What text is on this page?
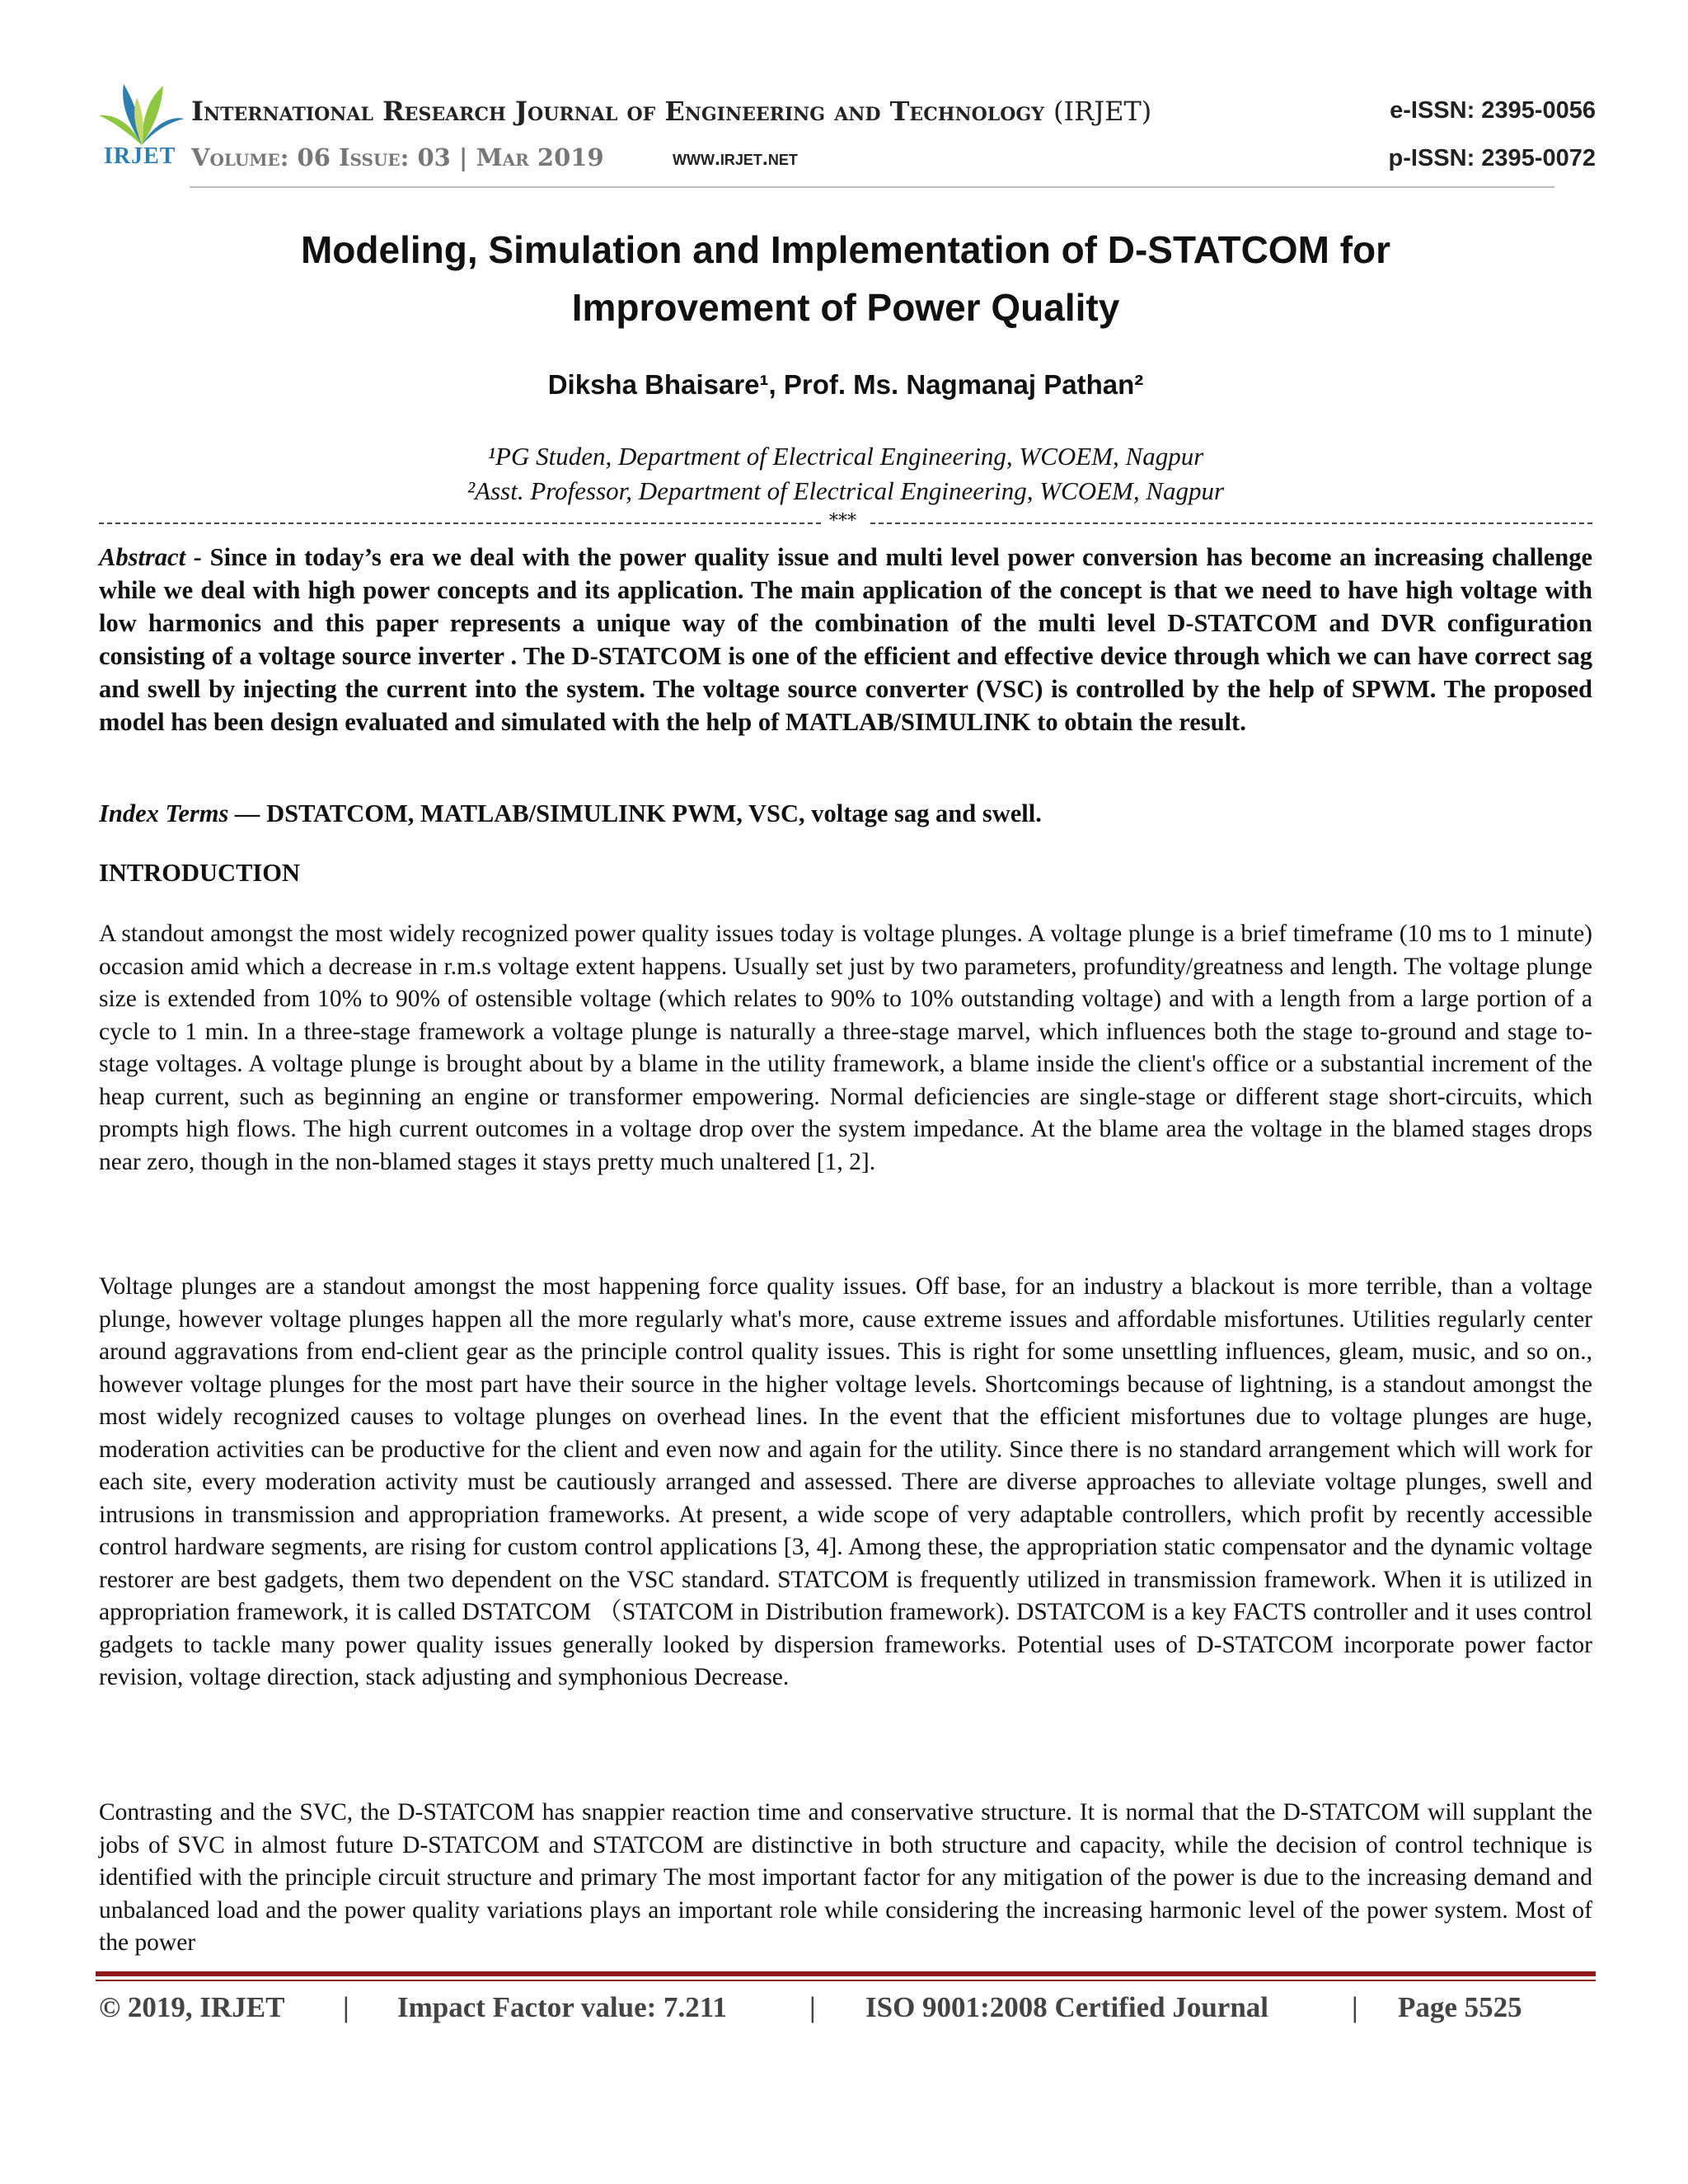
IRJET
International Research Journal of Engineering and Technology (IRJET)
Volume: 06 Issue: 03 | Mar 2019	www.irjet.net
e-ISSN: 2395-0056
p-ISSN: 2395-0072
Modeling, Simulation and Implementation of D-STATCOM for
Improvement of Power Quality
Diksha Bhaisare¹, Prof. Ms. Nagmanaj Pathan²
¹PG Studen, Department of Electrical Engineering, WCOEM, Nagpur
²Asst. Professor, Department of Electrical Engineering, WCOEM, Nagpur
***
Abstract - Since in today’s era we deal with the power quality issue and multi level power conversion has become an increasing challenge while we deal with high power concepts and its application. The main application of the concept is that we need to have high voltage with low harmonics and this paper represents a unique way of the combination of the multi level D-STATCOM and DVR configuration consisting of a voltage source inverter . The D-STATCOM is one of the efficient and effective device through which we can have correct sag and swell by injecting the current into the system. The voltage source converter (VSC) is controlled by the help of SPWM. The proposed model has been design evaluated and simulated with the help of MATLAB/SIMULINK to obtain the result.
Index Terms — DSTATCOM, MATLAB/SIMULINK PWM, VSC, voltage sag and swell.
INTRODUCTION
A standout amongst the most widely recognized power quality issues today is voltage plunges. A voltage plunge is a brief timeframe (10 ms to 1 minute) occasion amid which a decrease in r.m.s voltage extent happens. Usually set just by two parameters, profundity/greatness and length. The voltage plunge size is extended from 10% to 90% of ostensible voltage (which relates to 90% to 10% outstanding voltage) and with a length from a large portion of a cycle to 1 min. In a three-stage framework a voltage plunge is naturally a three-stage marvel, which influences both the stage to-ground and stage to-stage voltages. A voltage plunge is brought about by a blame in the utility framework, a blame inside the client's office or a substantial increment of the heap current, such as beginning an engine or transformer empowering. Normal deficiencies are single-stage or different stage short-circuits, which prompts high flows. The high current outcomes in a voltage drop over the system impedance. At the blame area the voltage in the blamed stages drops near zero, though in the non-blamed stages it stays pretty much unaltered [1, 2].
Voltage plunges are a standout amongst the most happening force quality issues. Off base, for an industry a blackout is more terrible, than a voltage plunge, however voltage plunges happen all the more regularly what's more, cause extreme issues and affordable misfortunes. Utilities regularly center around aggravations from end-client gear as the principle control quality issues. This is right for some unsettling influences, gleam, music, and so on., however voltage plunges for the most part have their source in the higher voltage levels. Shortcomings because of lightning, is a standout amongst the most widely recognized causes to voltage plunges on overhead lines. In the event that the efficient misfortunes due to voltage plunges are huge, moderation activities can be productive for the client and even now and again for the utility. Since there is no standard arrangement which will work for each site, every moderation activity must be cautiously arranged and assessed. There are diverse approaches to alleviate voltage plunges, swell and intrusions in transmission and appropriation frameworks. At present, a wide scope of very adaptable controllers, which profit by recently accessible control hardware segments, are rising for custom control applications [3, 4]. Among these, the appropriation static compensator and the dynamic voltage restorer are best gadgets, them two dependent on the VSC standard. STATCOM is frequently utilized in transmission framework. When it is utilized in appropriation framework, it is called DSTATCOM （STATCOM in Distribution framework). DSTATCOM is a key FACTS controller and it uses control gadgets to tackle many power quality issues generally looked by dispersion frameworks. Potential uses of D-STATCOM incorporate power factor revision, voltage direction, stack adjusting and symphonious Decrease.
Contrasting and the SVC, the D-STATCOM has snappier reaction time and conservative structure. It is normal that the D-STATCOM will supplant the jobs of SVC in almost future D-STATCOM and STATCOM are distinctive in both structure and capacity, while the decision of control technique is identified with the principle circuit structure and primary The most important factor for any mitigation of the power is due to the increasing demand and unbalanced load and the power quality variations plays an important role while considering the increasing harmonic level of the power system. Most of the power
© 2019, IRJET | Impact Factor value: 7.211	| ISO 9001:2008 Certified Journal	| Page 5525
